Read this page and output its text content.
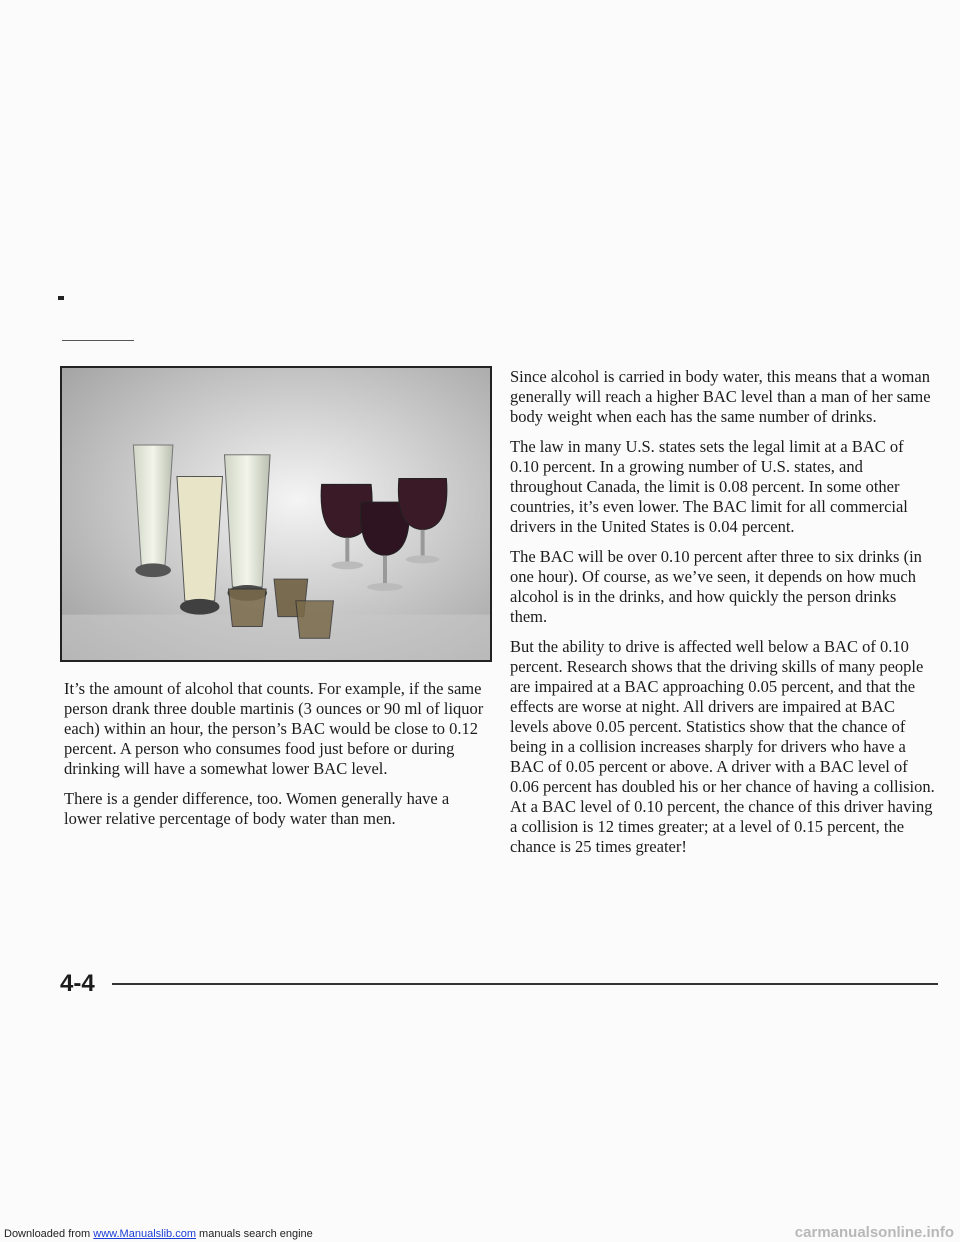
It’s the amount of alcohol that counts. For example, if the same person drank three double martinis (3 ounces or 90 ml of liquor each) within an hour, the person’s BAC would be close to 0.12 percent. A person who consumes food just before or during drinking will have a somewhat lower BAC level.

There is a gender difference, too. Women generally have a lower relative percentage of body water than men.

Since alcohol is carried in body water, this means that a woman generally will reach a higher BAC level than a man of her same body weight when each has the same number of drinks.

The law in many U.S. states sets the legal limit at a BAC of 0.10 percent. In a growing number of U.S. states, and throughout Canada, the limit is 0.08 percent. In some other countries, it’s even lower. The BAC limit for all commercial drivers in the United States is 0.04 percent.

The BAC will be over 0.10 percent after three to six drinks (in one hour). Of course, as we’ve seen, it depends on how much alcohol is in the drinks, and how quickly the person drinks them.

But the ability to drive is affected well below a BAC of 0.10 percent. Research shows that the driving skills of many people are impaired at a BAC approaching 0.05 percent, and that the effects are worse at night. All drivers are impaired at BAC levels above 0.05 percent. Statistics show that the chance of being in a collision increases sharply for drivers who have a BAC of 0.05 percent or above. A driver with a BAC level of 0.06 percent has doubled his or her chance of having a collision. At a BAC level of 0.10 percent, the chance of this driver having a collision is 12 times greater; at a level of 0.15 percent, the chance is 25 times greater!

4-4
Downloaded from www.Manualslib.com manuals search engine	carmanualsonline.info
